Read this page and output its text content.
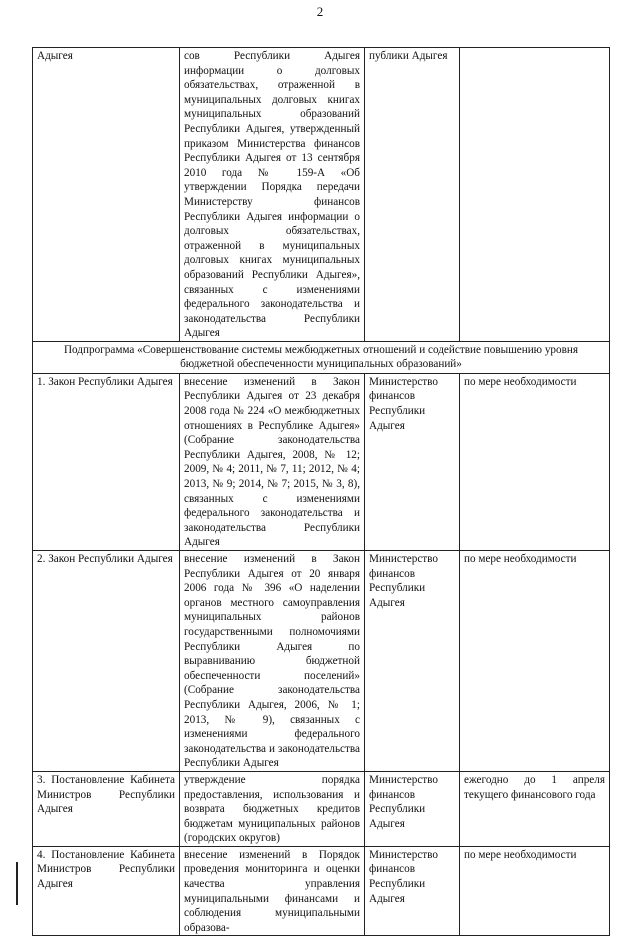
2
Адыгея	сов Республики Адыгея информации о долговых обязательствах, отраженной в муниципальных долговых книгах муниципальных образований Республики Адыгея, утвержденный приказом Министерства финансов Республики Адыгея от 13 сентября 2010 года № 159-А «Об утверждении Порядка передачи Министерству финансов Республики Адыгея информации о долговых обязательствах, отраженной в муниципальных долговых книгах муниципальных образований Республики Адыгея», связанных с изменениями федерального законодательства и законодательства Республики Адыгея	публики Адыгея	
Подпрограмма «Совершенствование системы межбюджетных отношений и содействие повышению уровня бюджетной обеспеченности муниципальных образований»			
1. Закон Республики Адыгея	внесение изменений в Закон Республики Адыгея от 23 декабря 2008 года № 224 «О межбюджетных отношениях в Республике Адыгея» (Собрание законодательства Республики Адыгея, 2008, № 12; 2009, № 4; 2011, № 7, 11; 2012, № 4; 2013, № 9; 2014, № 7; 2015, № 3, 8), связанных с изменениями федерального законодательства и законодательства Республики Адыгея	Министерство финансов Республики Адыгея	по мере необходимости
2. Закон Республики Адыгея	внесение изменений в Закон Республики Адыгея от 20 января 2006 года № 396 «О наделении органов местного самоуправления муниципальных районов государственными полномочиями Республики Адыгея по выравниванию бюджетной обеспеченности поселений» (Собрание законодательства Республики Адыгея, 2006, № 1; 2013, № 9), связанных с изменениями федерального законодательства и законодательства Республики Адыгея	Министерство финансов Республики Адыгея	по мере необходимости
3. Постановление Кабинета Министров Республики Адыгея	утверждение порядка предоставления, использования и возврата бюджетных кредитов бюджетам муниципальных районов (городских округов)	Министерство финансов Республики Адыгея	ежегодно до 1 апреля текущего финансового года
4. Постановление Кабинета Министров Республики Адыгея	внесение изменений в Порядок проведения мониторинга и оценки качества управления муниципальными финансами и соблюдения муниципальными образова-	Министерство финансов Республики Адыгея	по мере необходимости
